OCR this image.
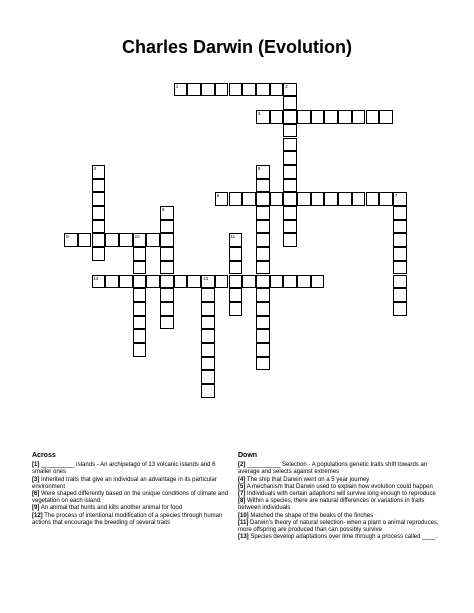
Charles Darwin (Evolution)
1	2
3
4	5
6	7
8
9	10	11
12	13
Across

[1] __________ Islands - An archipelago of 13 volcanic islands and 6 smaller ones

[3] Inherited traits that give an individual an advantage in its particular environment

[6] Were shaped differently based on the unique conditions of climate and vegetation on each island.

[9] An animal that hunts and kills another animal for food

[12] The process of intentional modification of a species through human actions that encourage the breeding of several traits

Down

[2] __________ Selection - A populations genetic traits shift towards an average and selects against extremes

[4] The ship that Darwin went on a 5 year journey

[5] A mechanism that Darwin used to explain how evolution could happen

[7] Individuals with certain adaptions will survive long enough to reproduce

[8] Within a species, there are natural differences or variations in traits between individuals

[10] Matched the shape of the beaks of the finches

[11] Darwin's theory of natural selection- when a plant o animal reproduces, more offspring are produced than can possibly survive

[13] Species develop adaptations over time through a process called ____.
